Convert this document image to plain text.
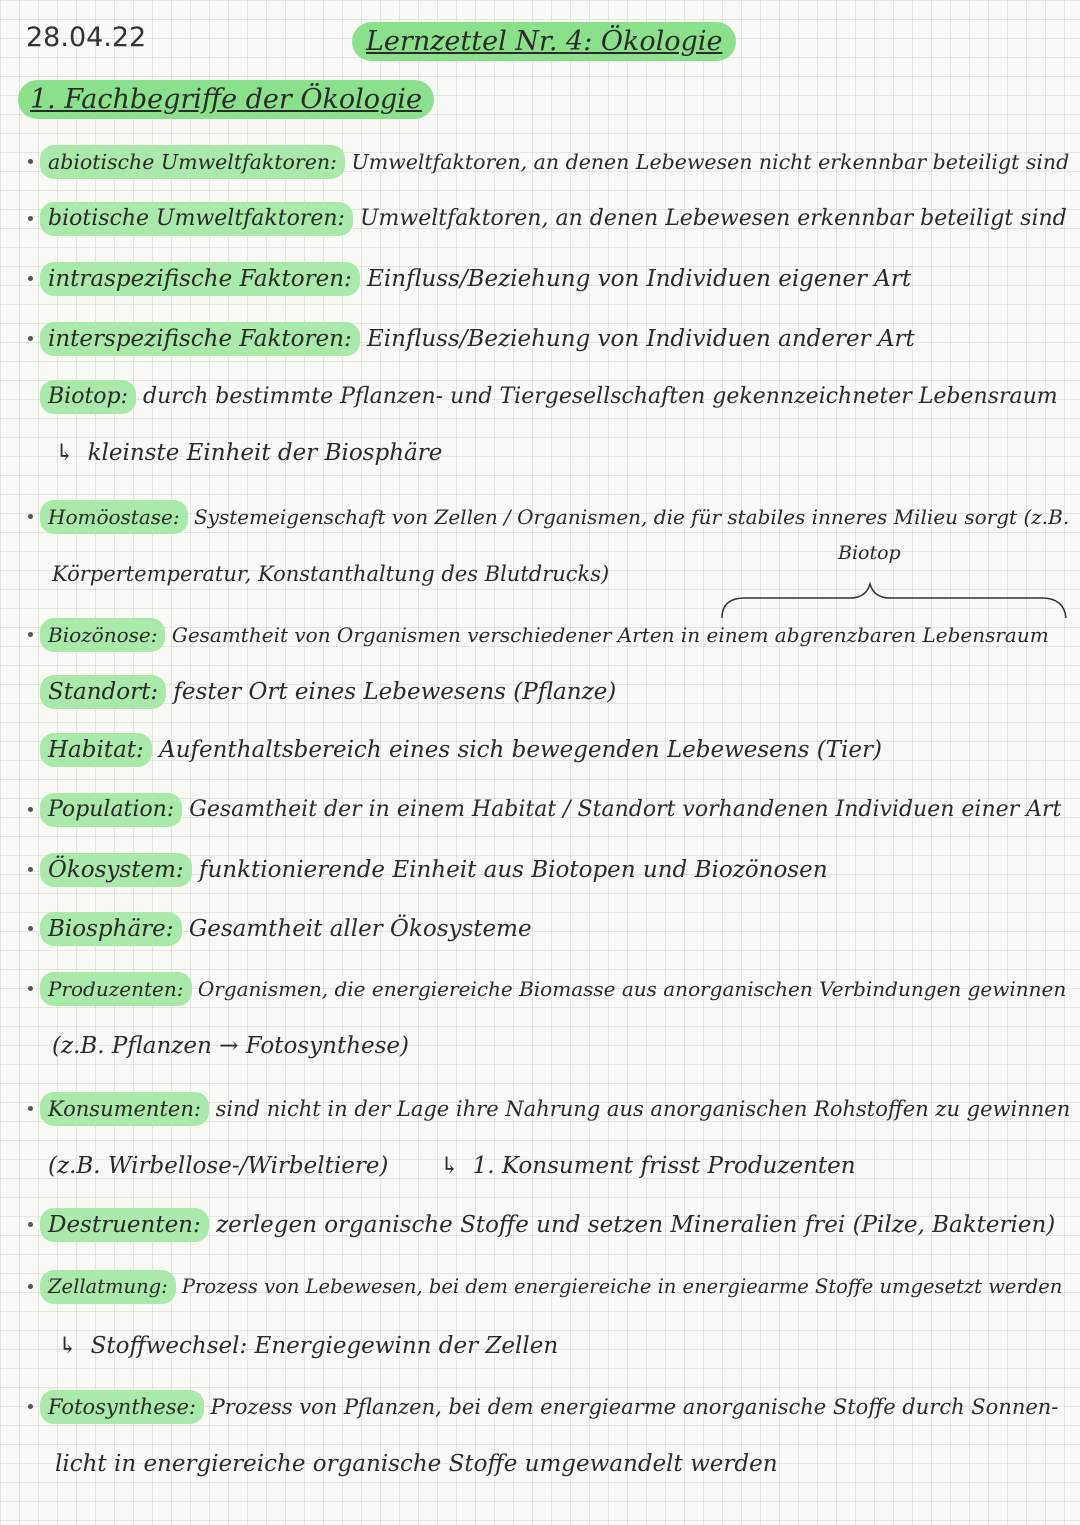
28.04.22	Lernzettel Nr. 4: Ökologie
1. Fachbegriffe der Ökologie
abiotische Umweltfaktoren: Umweltfaktoren, an denen Lebewesen nicht erkennbar beteiligt sind
biotische Umweltfaktoren: Umweltfaktoren, an denen Lebewesen erkennbar beteiligt sind
intraspezifische Faktoren: Einfluss/Beziehung von Individuen eigener Art
interspezifische Faktoren: Einfluss/Beziehung von Individuen anderer Art
Biotop: durch bestimmte Pflanzen- und Tiergesellschaften gekennzeichneter Lebensraum
↳ kleinste Einheit der Biosphäre
Homöostase: Systemeigenschaft von Zellen / Organismen, die für stabiles inneres Milieu sorgt (z.B.
Körpertemperatur, Konstanthaltung des Blutdrucks)
Biotop
Biozönose: Gesamtheit von Organismen verschiedener Arten in einem abgrenzbaren Lebensraum
Standort: fester Ort eines Lebewesens (Pflanze)
Habitat: Aufenthaltsbereich eines sich bewegenden Lebewesens (Tier)
Population: Gesamtheit der in einem Habitat / Standort vorhandenen Individuen einer Art
Ökosystem: funktionierende Einheit aus Biotopen und Biozönosen
Biosphäre: Gesamtheit aller Ökosysteme
Produzenten: Organismen, die energiereiche Biomasse aus anorganischen Verbindungen gewinnen
(z.B. Pflanzen → Fotosynthese)
Konsumenten: sind nicht in der Lage ihre Nahrung aus anorganischen Rohstoffen zu gewinnen
(z.B. Wirbellose-/Wirbeltiere) ↳ 1. Konsument frisst Produzenten
Destruenten: zerlegen organische Stoffe und setzen Mineralien frei (Pilze, Bakterien)
Zellatmung: Prozess von Lebewesen, bei dem energiereiche in energiearme Stoffe umgesetzt werden
↳ Stoffwechsel: Energiegewinn der Zellen
Fotosynthese: Prozess von Pflanzen, bei dem energiearme anorganische Stoffe durch Sonnen-
licht in energiereiche organische Stoffe umgewandelt werden
